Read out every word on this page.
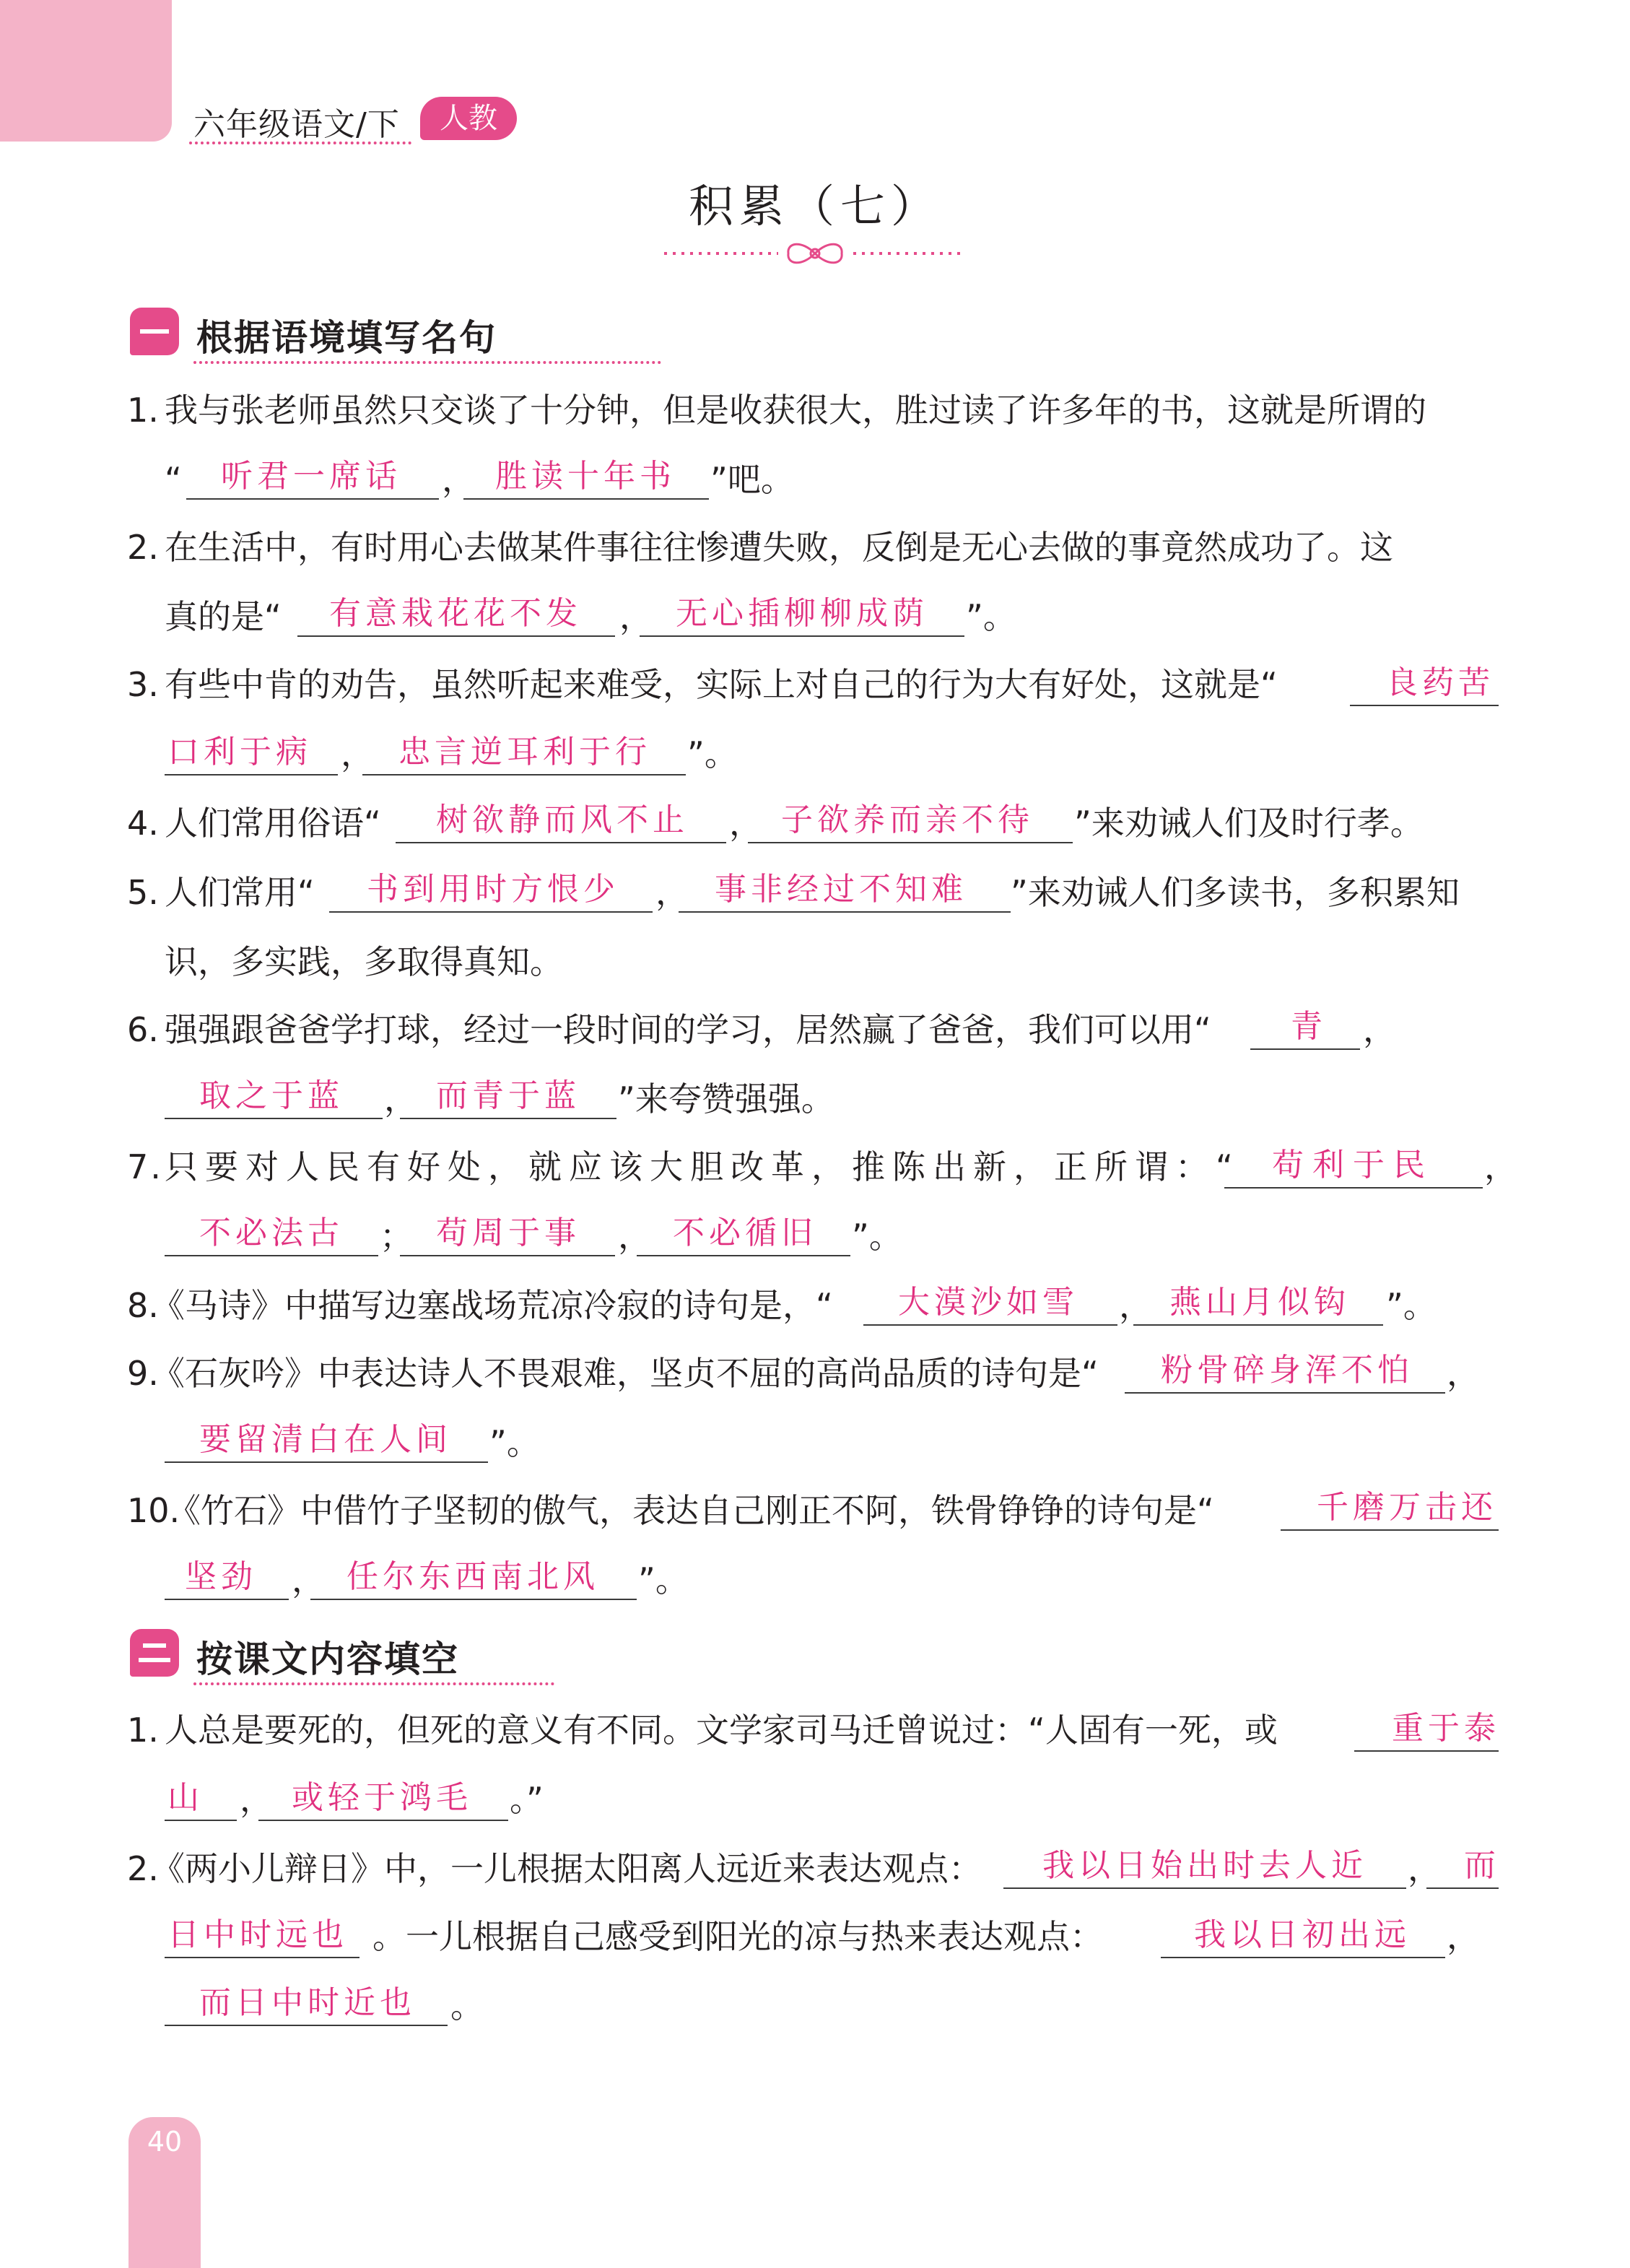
六年级语文/下	人教
积累（七）
根据语境填写名句
1. 我与张老师虽然只交谈了十分钟，但是收获很大，胜过读了许多年的书，这就是所谓的
“ 听君一席话 ， 胜读十年书 ”吧。
2. 在生活中，有时用心去做某件事往往惨遭失败，反倒是无心去做的事竟然成功了。这
真的是“ 有意栽花花不发 ， 无心插柳柳成荫 ”。
3. 有些中肯的劝告，虽然听起来难受，实际上对自己的行为大有好处，这就是“	良药苦
口利于病 ， 忠言逆耳利于行 ”。
4. 人们常用俗语“ 树欲静而风不止 ， 子欲养而亲不待 ”来劝诫人们及时行孝。
5. 人们常用“ 书到用时方恨少 ， 事非经过不知难 ”来劝诫人们多读书，多积累知
识，多实践，多取得真知。
6. 强强跟爸爸学打球，经过一段时间的学习，居然赢了爸爸，我们可以用“	青 ，
取之于蓝 ， 而青于蓝 ”来夸赞强强。
7. 只要对人民有好处，就应该大胆改革，推陈出新，正所谓：“ 苟利于民 ，
不必法古 ； 苟周于事 ， 不必循旧 ”。
8.
《马诗》中描写边塞战场荒凉冷寂的诗句是，“ 大漠沙如雪 ， 燕山月似钩 ”。
9.
《石灰吟》中表达诗人不畏艰难，坚贞不屈的高尚品质的诗句是“ 粉骨碎身浑不怕 ，
要留清白在人间 ”。
10.
《竹石》中借竹子坚韧的傲气，表达自己刚正不阿，铁骨铮铮的诗句是“	千磨万击还
坚劲 ， 任尔东西南北风 ”。
按课文内容填空
1. 人总是要死的，但死的意义有不同。文学家司马迁曾说过：“人固有一死，或	重于泰
山 ， 或轻于鸿毛 。”
2.
《两小儿辩日》中，一儿根据太阳离人远近来表达观点： 我以日始出时去人近 ， 而
日中时远也 。一儿根据自己感受到阳光的凉与热来表达观点：	我以日初出远 ，
而日中时近也 。
40
